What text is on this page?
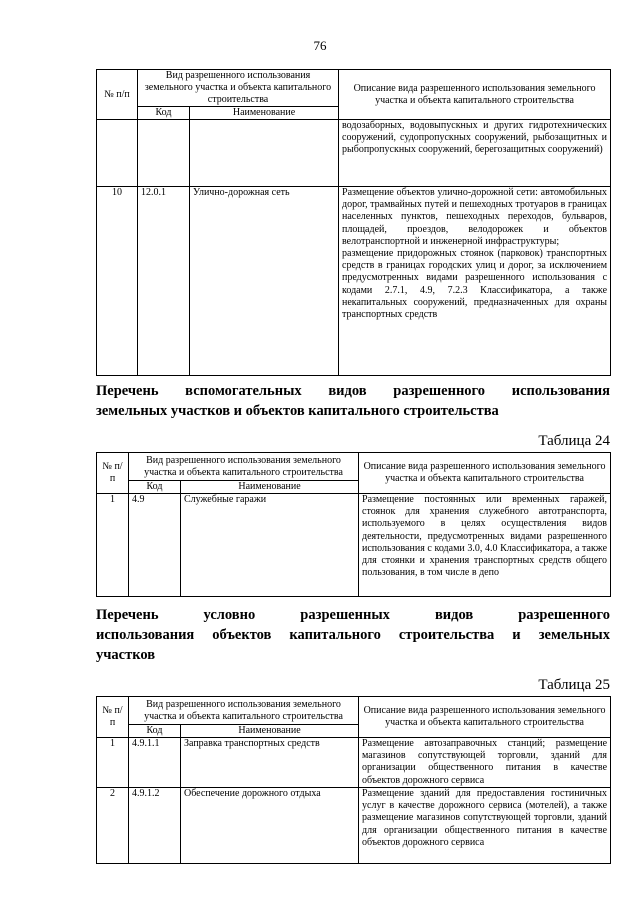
76
№ п/п	Вид разрешенного использования земельного участка и объекта капитального строительства		Описание вида разрешенного использования земельного участка и объекта капитального строительства
	Код	Наименование	
			водозаборных, водовыпускных и других гидротехнических сооружений, судопропускных сооружений, рыбозащитных и рыбопропускных сооружений, берегозащитных сооружений)
10	12.0.1	Улично-дорожная сеть	Размещение объектов улично-дорожной сети: автомобильных дорог, трамвайных путей и пешеходных тротуаров в границах населенных пунктов, пешеходных переходов, бульваров, площадей, проездов, велодорожек и объектов велотранспортной и инженерной инфраструктуры;
размещение придорожных стоянок (парковок) транспортных средств в границах городских улиц и дорог, за исключением предусмотренных видами разрешенного использования с кодами 2.7.1, 4.9, 7.2.3 Классификатора, а также некапитальных сооружений, предназначенных для охраны транспортных средств
Перечень вспомогательных видов разрешенного использования
земельных участков и объектов капитального строительства
Таблица 24
№ п/п	Вид разрешенного использования земельного участка и объекта капитального строительства		Описание вида разрешенного использования земельного участка и объекта капитального строительства
	Код	Наименование	
1	4.9	Служебные гаражи	Размещение постоянных или временных гаражей, стоянок для хранения служебного автотранспорта, используемого в целях осуществления видов деятельности, предусмотренных видами разрешенного использования с кодами 3.0, 4.0 Классификатора, а также для стоянки и хранения транспортных средств общего пользования, в том числе в депо
Перечень условно разрешенных видов разрешенного
использования объектов капитального строительства и земельных
участков
Таблица 25
№ п/п	Вид разрешенного использования земельного участка и объекта капитального строительства		Описание вида разрешенного использования земельного участка и объекта капитального строительства
	Код	Наименование	
1	4.9.1.1	Заправка транспортных средств	Размещение автозаправочных станций; размещение магазинов сопутствующей торговли, зданий для организации общественного питания в качестве объектов дорожного сервиса
2	4.9.1.2	Обеспечение дорожного отдыха	Размещение зданий для предоставления гостиничных услуг в качестве дорожного сервиса (мотелей), а также размещение магазинов сопутствующей торговли, зданий для организации общественного питания в качестве объектов дорожного сервиса
